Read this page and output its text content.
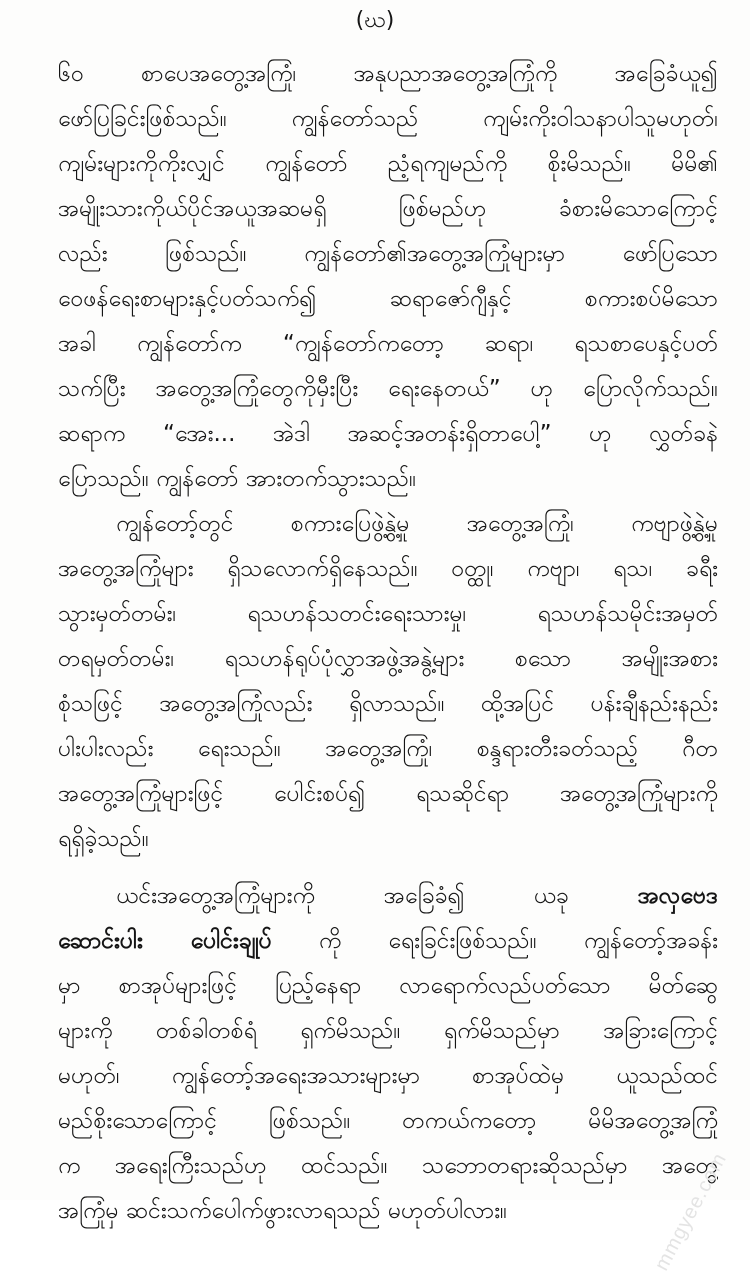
(ဃ)
၆၀ စာပေအတွေ့အကြုံ၊ အနုပညာအတွေ့အကြုံကို အခြေခံယူ၍
ဖော်ပြခြင်းဖြစ်သည်။ ကျွန်တော်သည် ကျမ်းကိုးဝါသနာပါသူမဟုတ်၊
ကျမ်းများကိုကိုးလျှင် ကျွန်တော် ညံ့ရကျမည်ကို စိုးမိသည်။ မိမိ၏
အမျိုးသားကိုယ်ပိုင်အယူအဆမရှိ ဖြစ်မည်ဟု ခံစားမိသောကြောင့်
လည်း ဖြစ်သည်။ ကျွန်တော်၏အတွေ့အကြုံများမှာ ဖော်ပြသော
ဝေဖန်ရေးစာများနှင့်ပတ်သက်၍ ဆရာဇော်ဂျီနှင့် စကားစပ်မိသော
အခါ ကျွန်တော်က “ကျွန်တော်ကတော့ ဆရာ၊ ရသစာပေနှင့်ပတ်
သက်ပြီး အတွေ့အကြုံတွေကိုမှီးပြီး ရေးနေတယ်” ဟု ပြောလိုက်သည်။
ဆရာက “အေး... အဲဒါ အဆင့်အတန်းရှိတာပေါ့” ဟု လွှတ်ခနဲ
ပြောသည်။ ကျွန်တော် အားတက်သွားသည်။
ကျွန်တော့်တွင် စကားပြေဖွဲ့နွဲ့မှု အတွေ့အကြုံ၊ ကဗျာဖွဲ့နွဲ့မှု
အတွေ့အကြုံများ ရှိသလောက်ရှိနေသည်။ ဝတ္ထု၊ ကဗျာ၊ ရသ၊ ခရီး
သွားမှတ်တမ်း၊ ရသဟန်သတင်းရေးသားမှု၊ ရသဟန်သမိုင်းအမှတ်
တရမှတ်တမ်း၊ ရသဟန်ရုပ်ပုံလွှာအဖွဲ့အနွဲ့များ စသော အမျိုးအစား
စုံသဖြင့် အတွေ့အကြုံလည်း ရှိလာသည်။ ထို့အပြင် ပန်းချီနည်းနည်း
ပါးပါးလည်း ရေးသည်။ အတွေ့အကြုံ၊ စန္ဒရားတီးခတ်သည့် ဂီတ
အတွေ့အကြုံများဖြင့် ပေါင်းစပ်၍ ရသဆိုင်ရာ အတွေ့အကြုံများကို
ရရှိခဲ့သည်။
ယင်းအတွေ့အကြုံများကို အခြေခံ၍ ယခု	အလှဗေဒ
ဆောင်းပါး ပေါင်းချုပ် ကို ရေးခြင်းဖြစ်သည်။ ကျွန်တော့်အခန်း
မှာ စာအုပ်များဖြင့် ပြည့်နေရာ လာရောက်လည်ပတ်သော မိတ်ဆွေ
များကို တစ်ခါတစ်ရံ ရှက်မိသည်။ ရှက်မိသည်မှာ အခြားကြောင့်
မဟုတ်၊ ကျွန်တော့်အရေးအသားများမှာ စာအုပ်ထဲမှ ယူသည်ထင်
မည်စိုးသောကြောင့် ဖြစ်သည်။ တကယ်ကတော့ မိမိအတွေ့အကြုံ
က အရေးကြီးသည်ဟု ထင်သည်။ သဘောတရားဆိုသည်မှာ အတွေ့
အကြုံမှ ဆင်းသက်ပေါက်ဖွားလာရသည် မဟုတ်ပါလား။	mmgyee.com
